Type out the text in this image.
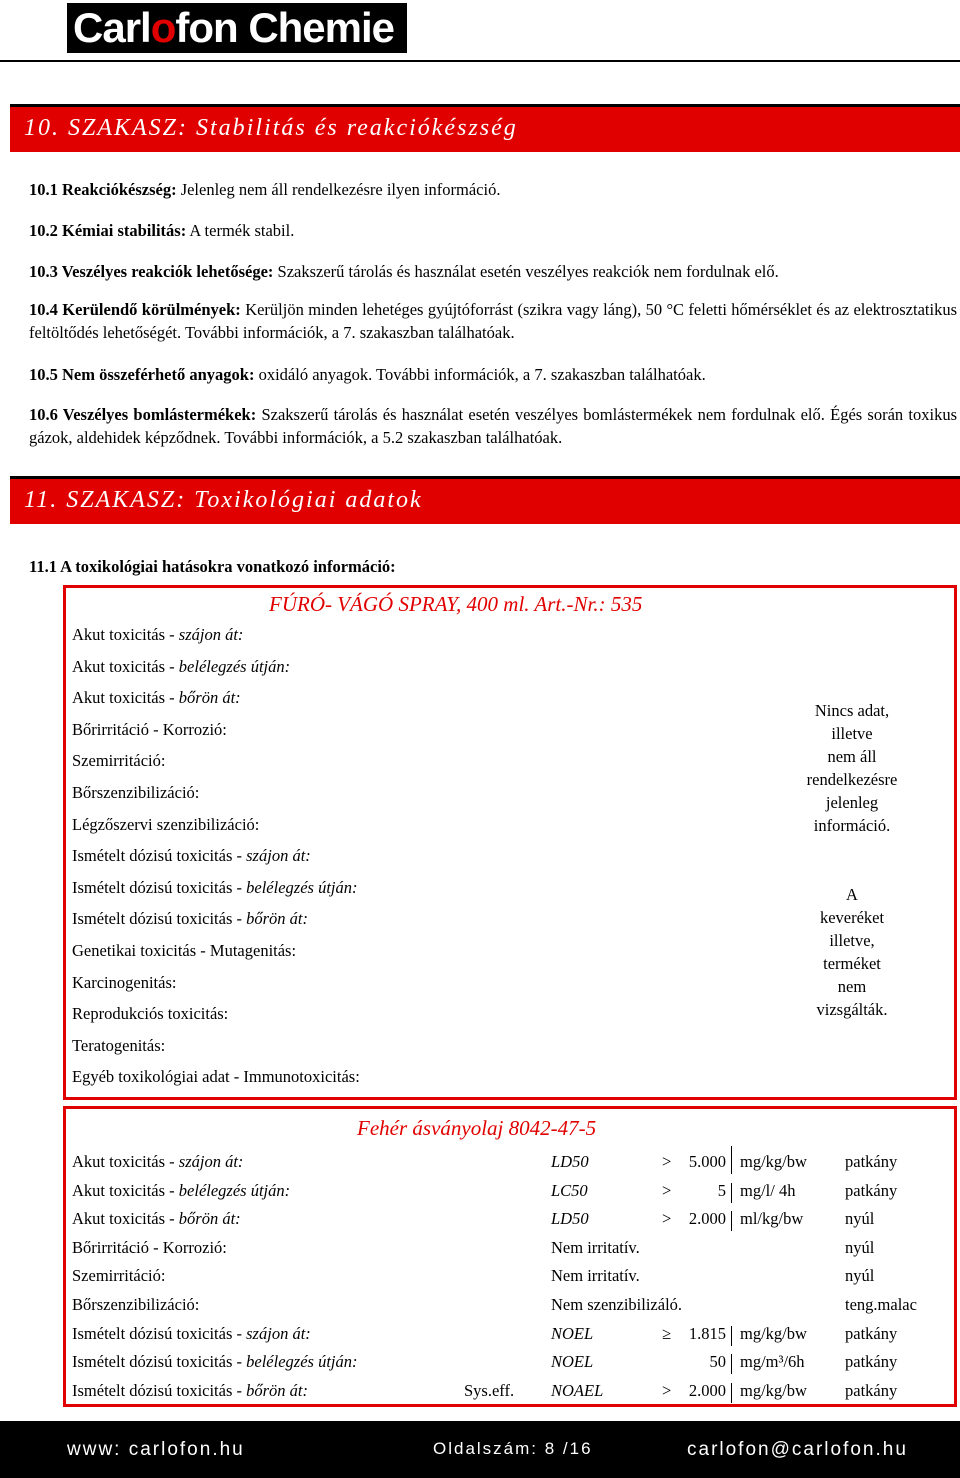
Carlofon Chemie
10. SZAKASZ: Stabilitás és reakciókészség
10.1 Reakciókészség: Jelenleg nem áll rendelkezésre ilyen információ.
10.2 Kémiai stabilitás: A termék stabil.
10.3 Veszélyes reakciók lehetősége: Szakszerű tárolás és használat esetén veszélyes reakciók nem fordulnak elő.
10.4 Kerülendő körülmények: Kerüljön minden lehetéges gyújtóforrást (szikra vagy láng), 50 °C feletti hőmérséklet és az elektrosztatikus feltöltődés lehetőségét. További információk, a 7. szakaszban találhatóak.
10.5 Nem összeférhető anyagok: oxidáló anyagok. További információk, a 7. szakaszban találhatóak.
10.6 Veszélyes bomlástermékek: Szakszerű tárolás és használat esetén veszélyes bomlástermékek nem fordulnak elő. Égés során toxikus gázok, aldehidek képződnek. További információk, a 5.2 szakaszban találhatóak.
11. SZAKASZ: Toxikológiai adatok
11.1 A toxikológiai hatásokra vonatkozó információ:
FÚRÓ- VÁGÓ SPRAY, 400 ml. Art.-Nr.: 535
Akut toxicitás - szájon át:
Akut toxicitás - belélegzés útján:
Akut toxicitás - bőrön át:
Bőrirritáció - Korrozió:
Szemirritáció:
Bőrszenzibilizáció:
Légzőszervi szenzibilizáció:
Ismételt dózisú toxicitás - szájon át:
Ismételt dózisú toxicitás - belélegzés útján:
Ismételt dózisú toxicitás - bőrön át:
Genetikai toxicitás - Mutagenitás:
Karcinogenitás:
Reprodukciós toxicitás:
Teratogenitás:
Egyéb toxikológiai adat - Immunotoxicitás:
Nincs adat,
illetve
nem áll
rendelkezésre
jelenleg
információ.
A
keveréket
illetve,
terméket
nem
vizsgálták.
Fehér ásványolaj 8042-47-5
Akut toxicitás - szájon át:	LD50	>	5.000 mg/kg/bw patkány
Akut toxicitás - belélegzés útján:	LC50	>	5 mg/l/ 4h	patkány
Akut toxicitás - bőrön át:	LD50	>	2.000 ml/kg/bw	nyúl
Bőrirritáció - Korrozió:	Nem irritatív.	nyúl
Szemirritáció:	Nem irritatív.	nyúl
Bőrszenzibilizáció:	Nem szenzibilizáló.	teng.malac
Ismételt dózisú toxicitás - szájon át:	NOEL	≥	1.815 mg/kg/bw patkány
Ismételt dózisú toxicitás - belélegzés útján:	NOEL	50 mg/m³/6h patkány
Ismételt dózisú toxicitás - bőrön át:	Sys.eff. NOAEL	>	2.000 mg/kg/bw patkány
www: carlofon.hu	Oldalszám: 8 /16	carlofon@carlofon.hu
